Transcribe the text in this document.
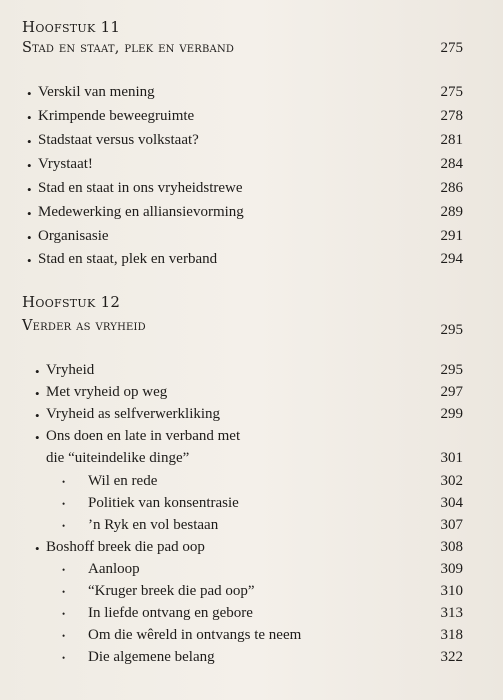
Hoofstuk 11
Stad en staat, plek en verband	275
• Verskil van mening	275
• Krimpende beweegruimte	278
• Stadstaat versus volkstaat?	281
• Vrystaat!	284
• Stad en staat in ons vryheidstrewe	286
• Medewerking en alliansievorming	289
• Organisasie	291
• Stad en staat, plek en verband	294
Hoofstuk 12
Verder as vryheid	295
• Vryheid	295
• Met vryheid op weg	297
• Vryheid as selfverwerkliking	299
• Ons doen en late in verband met
die “uiteindelike dinge”	301
• Wil en rede	302
• Politiek van konsentrasie	304
• ’n Ryk en vol bestaan	307
• Boshoff breek die pad oop	308
• Aanloop	309
• “Kruger breek die pad oop”	310
• In liefde ontvang en gebore	313
• Om die wêreld in ontvangs te neem	318
• Die algemene belang	322
